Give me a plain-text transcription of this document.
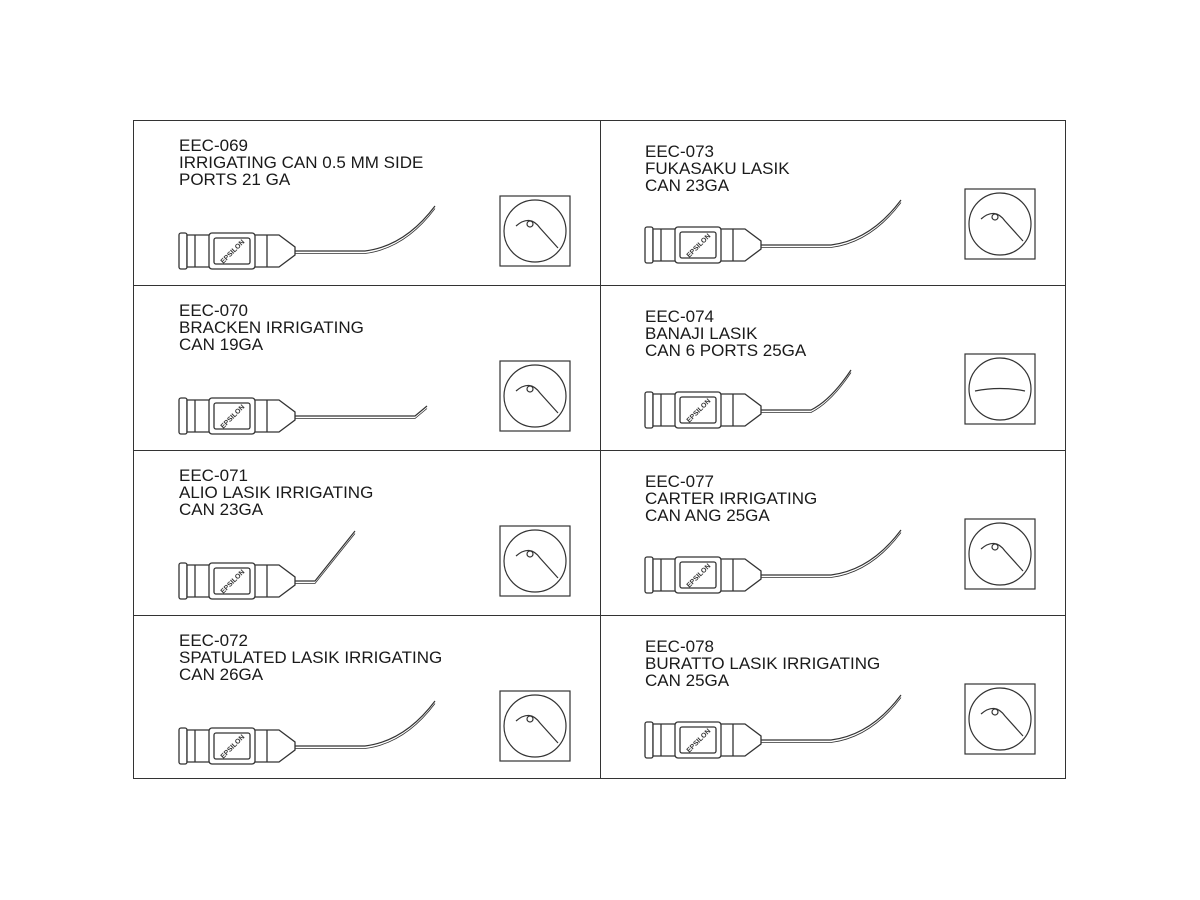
EEC-069
IRRIGATING CAN 0.5 MM SIDE
PORTS 21 GA
EPSILON
EEC-073
FUKASAKU LASIK
CAN 23GA
EPSILON
EEC-070
BRACKEN IRRIGATING
CAN 19GA
EPSILON
EEC-074
BANAJI LASIK
CAN 6 PORTS 25GA
EPSILON
EEC-071
ALIO LASIK IRRIGATING
CAN 23GA
EPSILON
EEC-077
CARTER IRRIGATING
CAN ANG 25GA
EPSILON
EEC-072
SPATULATED LASIK IRRIGATING
CAN 26GA
EPSILON
EEC-078
BURATTO LASIK IRRIGATING
CAN 25GA
EPSILON
